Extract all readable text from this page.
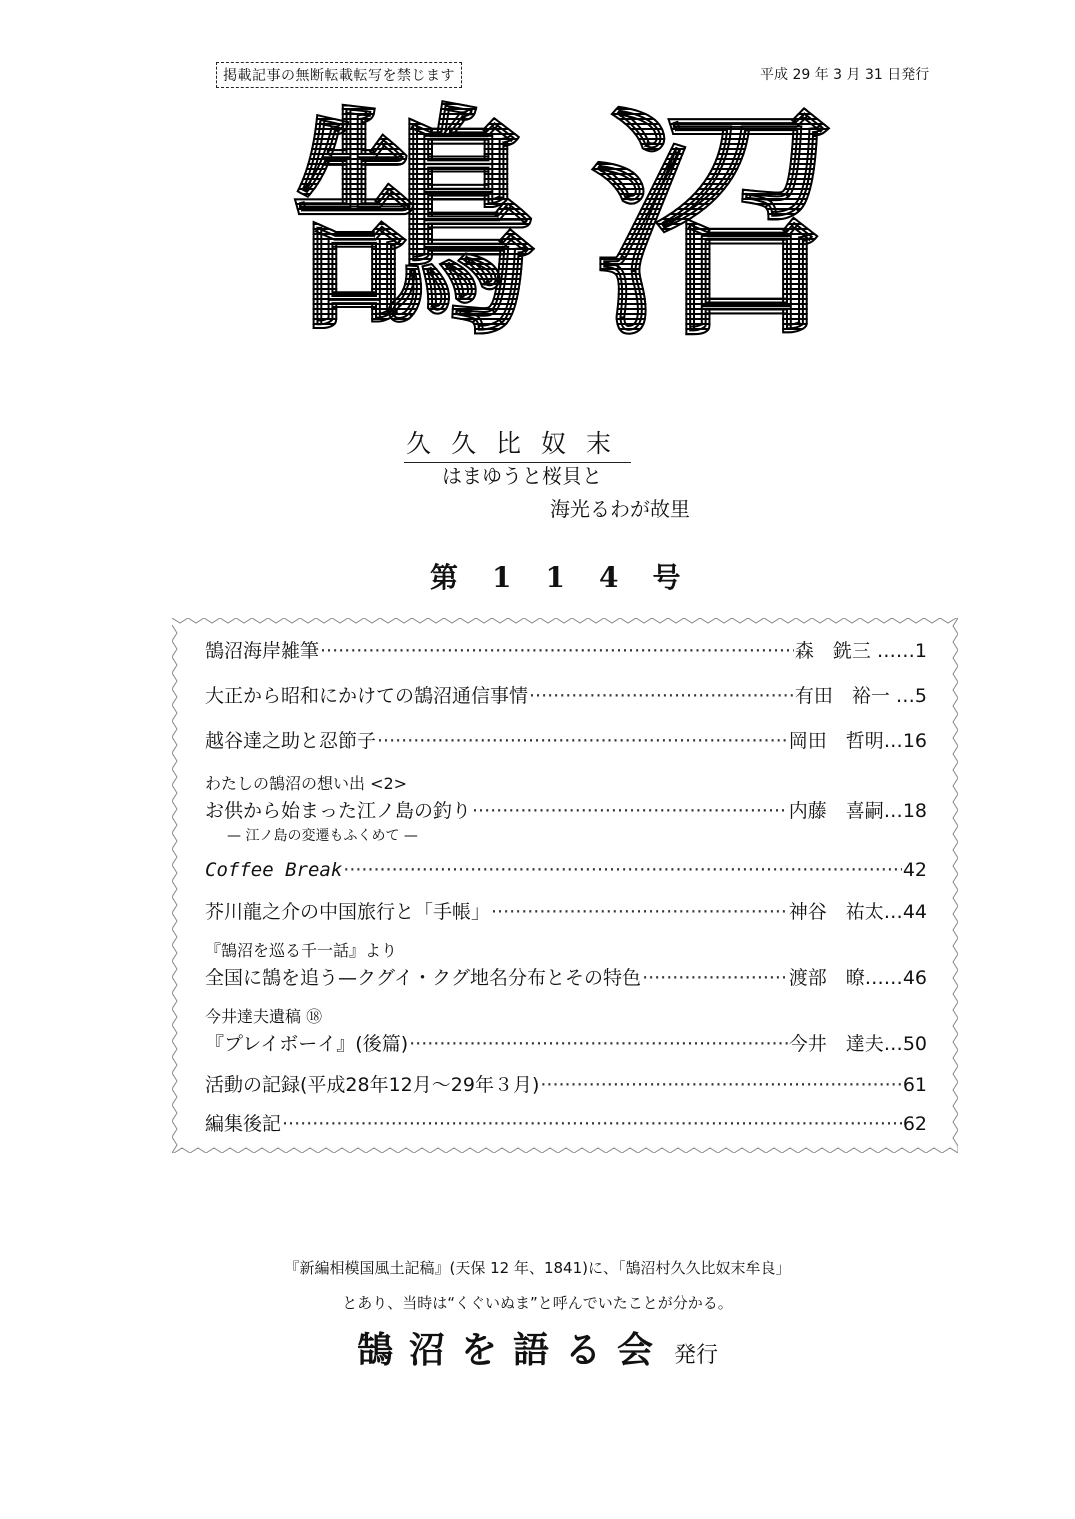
掲載記事の無断転載転写を禁じます	平成 29 年 3 月 31 日発行
鵠 沼
久久比奴末
はまゆうと桜貝と
海光るわが故里
第114号
鵠沼海岸雑筆 ·····	森　銑三 …… 1
大正から昭和にかけての鵠沼通信事情 ·····	有田　裕一 … 5
越谷達之助と忍節子 ·····	岡田　哲明… 16
わたしの鵠沼の想い出 <2>
お供から始まった江ノ島の釣り ·····	内藤　喜嗣… 18
— 江ノ島の変遷もふくめて —
Coffee Break ·····	42
芥川龍之介の中国旅行と「手帳」 ·····	神谷　祐太… 44
『鵠沼を巡る千一話』より
全国に鵠を追う—クグイ・クグ地名分布とその特色 ·····	渡部　暸…… 46
今井達夫遺稿 ⑱
『プレイボーイ』(後篇) ·····	今井　達夫… 50
活動の記録(平成28年12月～29年３月) ·····	61
編集後記 ·····	62
『新編相模国風土記稿』(天保 12 年、1841)に、「鵠沼村久久比奴末牟良」
とあり、当時は“くぐいぬま”と呼んでいたことが分かる。
鵠沼を語る会 発行
